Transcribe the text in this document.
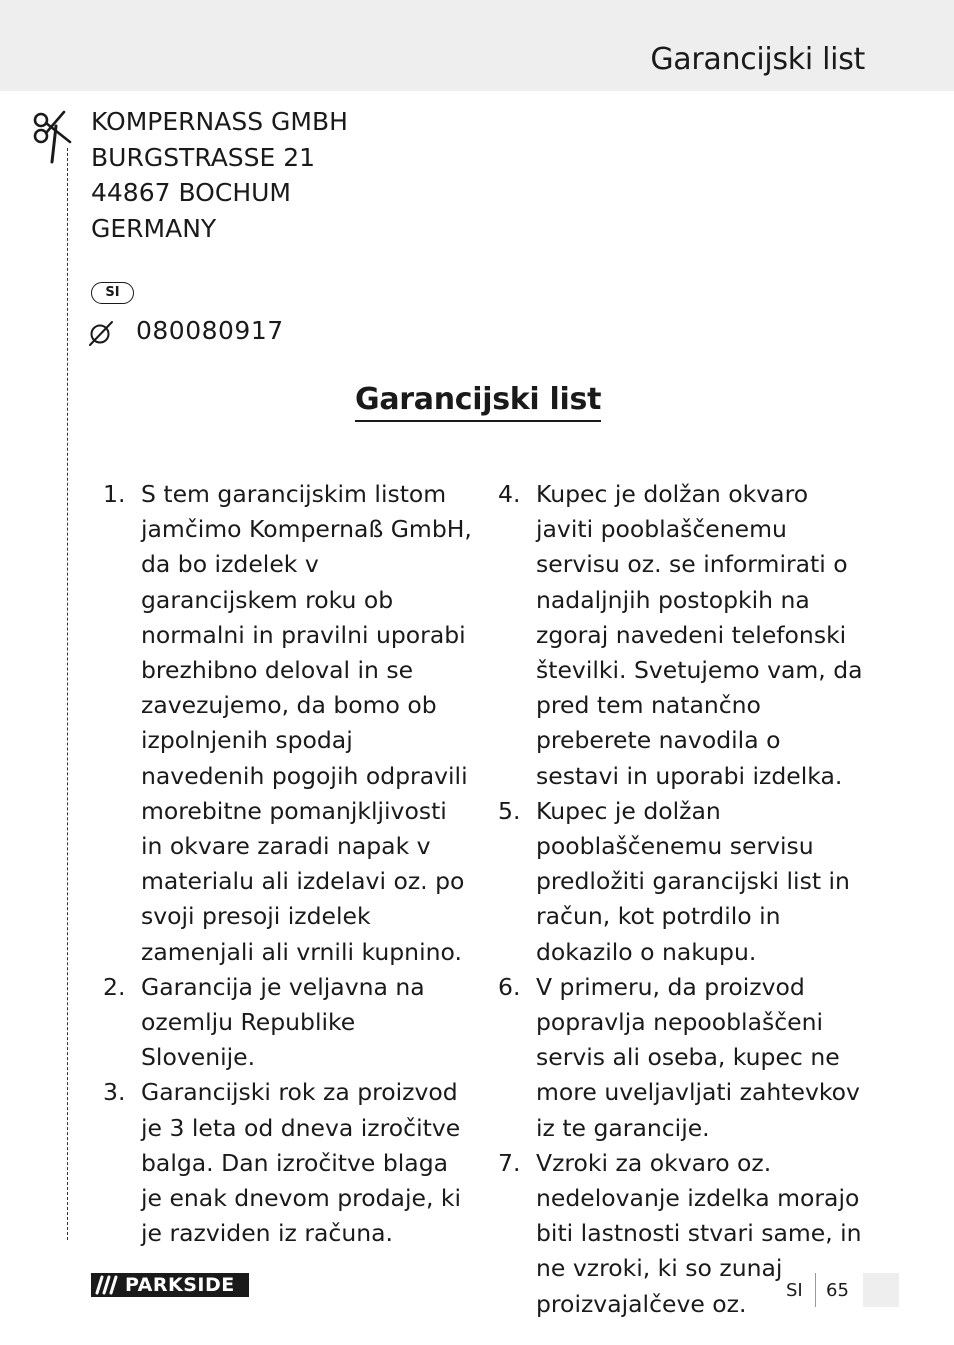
Garancijski list
KOMPERNASS GMBH
BURGSTRASSE 21
44867 BOCHUM
GERMANY
SI
080080917
Garancijski list
1. S tem garancijskim listom jamčimo Kompernaß GmbH, da bo izdelek v garancijskem roku ob normalni in pravilni uporabi brezhibno deloval in se zavezujemo, da bomo ob izpolnjenih spodaj navedenih pogojih odpravili morebitne pomanjkljivosti in okvare zaradi napak v materialu ali izdelavi oz. po svoji presoji izdelek zamenjali ali vrnili kupnino.
2. Garancija je veljavna na ozemlju Republike Slovenije.
3. Garancijski rok za proizvod je 3 leta od dneva izročitve balga. Dan izročitve blaga je enak dnevom prodaje, ki je razviden iz računa.
4. Kupec je dolžan okvaro javiti pooblaščenemu servisu oz. se informirati o nadaljnjih postopkih na zgoraj navedeni telefonski številki. Svetujemo vam, da pred tem natančno preberete navodila o sestavi in uporabi izdelka.
5. Kupec je dolžan pooblaščenemu servisu predložiti garancijski list in račun, kot potrdilo in dokazilo o nakupu.
6. V primeru, da proizvod popravlja nepooblaščeni servis ali oseba, kupec ne more uveljavljati zahtevkov iz te garancije.
7. Vzroki za okvaro oz. nedelovanje izdelka morajo biti lastnosti stvari same, in ne vzroki, ki so zunaj proizvajalčeve oz.
PARKSIDE	SI 65
